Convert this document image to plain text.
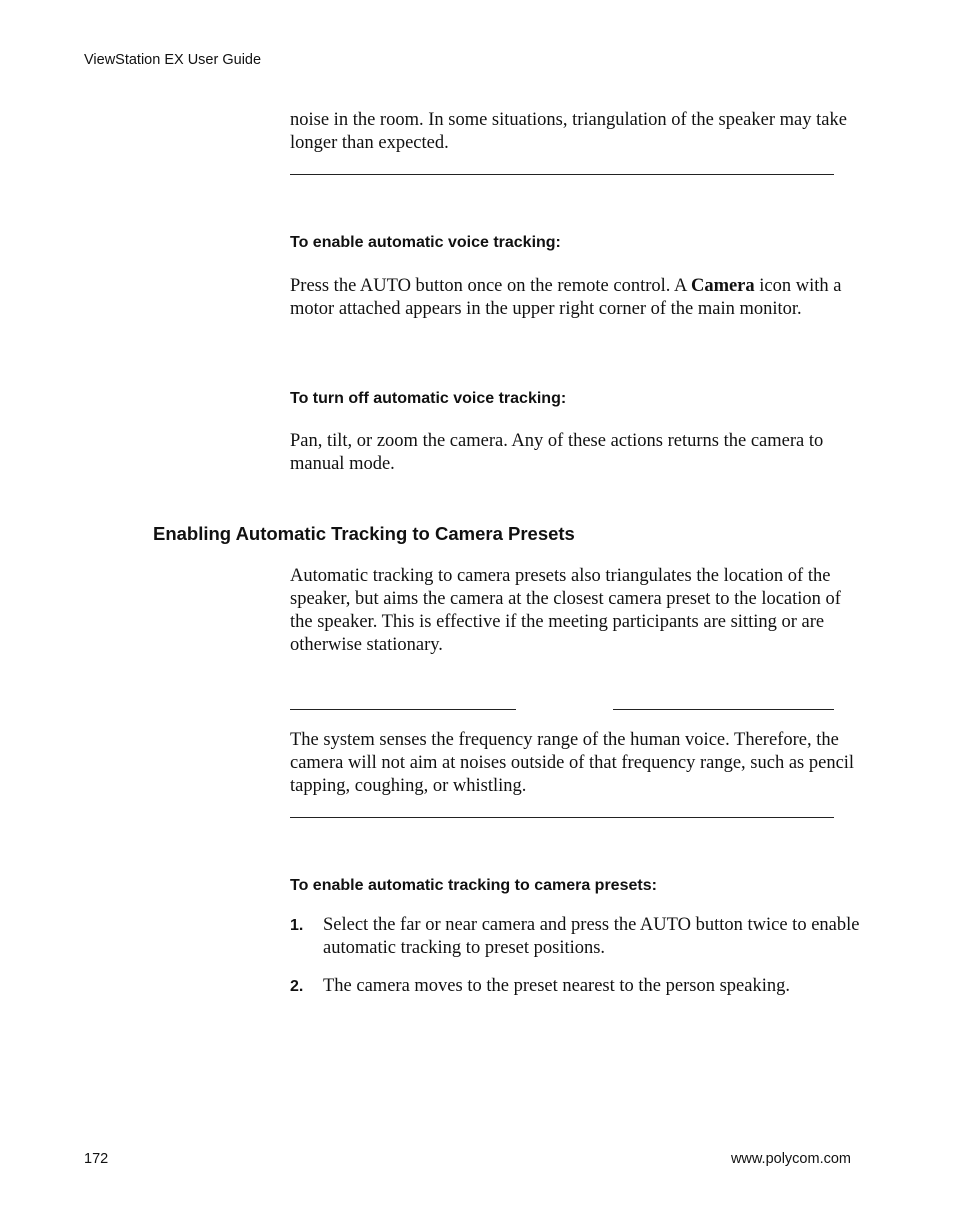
ViewStation EX User Guide
noise in the room. In some situations, triangulation of the speaker may take longer than expected.
To enable automatic voice tracking:
Press the AUTO button once on the remote control. A Camera icon with a motor attached appears in the upper right corner of the main monitor.
To turn off automatic voice tracking:
Pan, tilt, or zoom the camera. Any of these actions returns the camera to manual mode.
Enabling Automatic Tracking to Camera Presets
Automatic tracking to camera presets also triangulates the location of the speaker, but aims the camera at the closest camera preset to the location of the speaker. This is effective if the meeting participants are sitting or are otherwise stationary.
The system senses the frequency range of the human voice. Therefore, the camera will not aim at noises outside of that frequency range, such as pencil tapping, coughing, or whistling.
To enable automatic tracking to camera presets:
1. Select the far or near camera and press the AUTO button twice to enable automatic tracking to preset positions.
2. The camera moves to the preset nearest to the person speaking.
172	www.polycom.com
